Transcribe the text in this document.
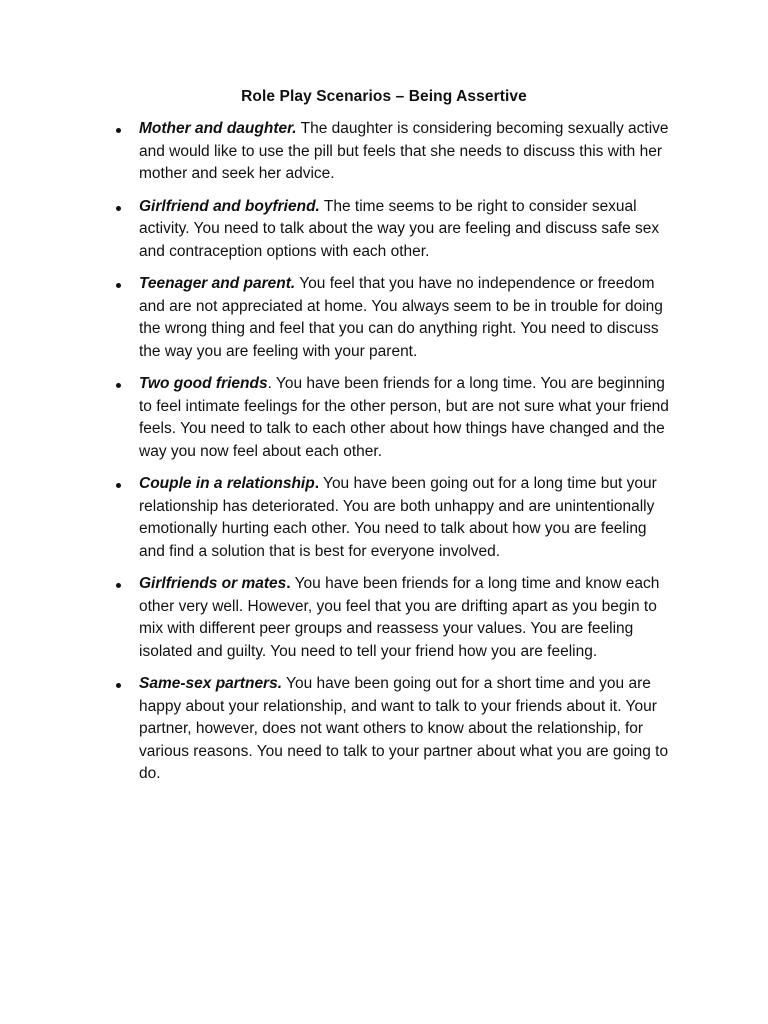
Role Play Scenarios – Being Assertive
Mother and daughter. The daughter is considering becoming sexually active and would like to use the pill but feels that she needs to discuss this with her mother and seek her advice.
Girlfriend and boyfriend. The time seems to be right to consider sexual activity. You need to talk about the way you are feeling and discuss safe sex and contraception options with each other.
Teenager and parent. You feel that you have no independence or freedom and are not appreciated at home. You always seem to be in trouble for doing the wrong thing and feel that you can do anything right. You need to discuss the way you are feeling with your parent.
Two good friends. You have been friends for a long time. You are beginning to feel intimate feelings for the other person, but are not sure what your friend feels. You need to talk to each other about how things have changed and the way you now feel about each other.
Couple in a relationship. You have been going out for a long time but your relationship has deteriorated. You are both unhappy and are unintentionally emotionally hurting each other. You need to talk about how you are feeling and find a solution that is best for everyone involved.
Girlfriends or mates. You have been friends for a long time and know each other very well. However, you feel that you are drifting apart as you begin to mix with different peer groups and reassess your values. You are feeling isolated and guilty. You need to tell your friend how you are feeling.
Same-sex partners. You have been going out for a short time and you are happy about your relationship, and want to talk to your friends about it. Your partner, however, does not want others to know about the relationship, for various reasons. You need to talk to your partner about what you are going to do.
